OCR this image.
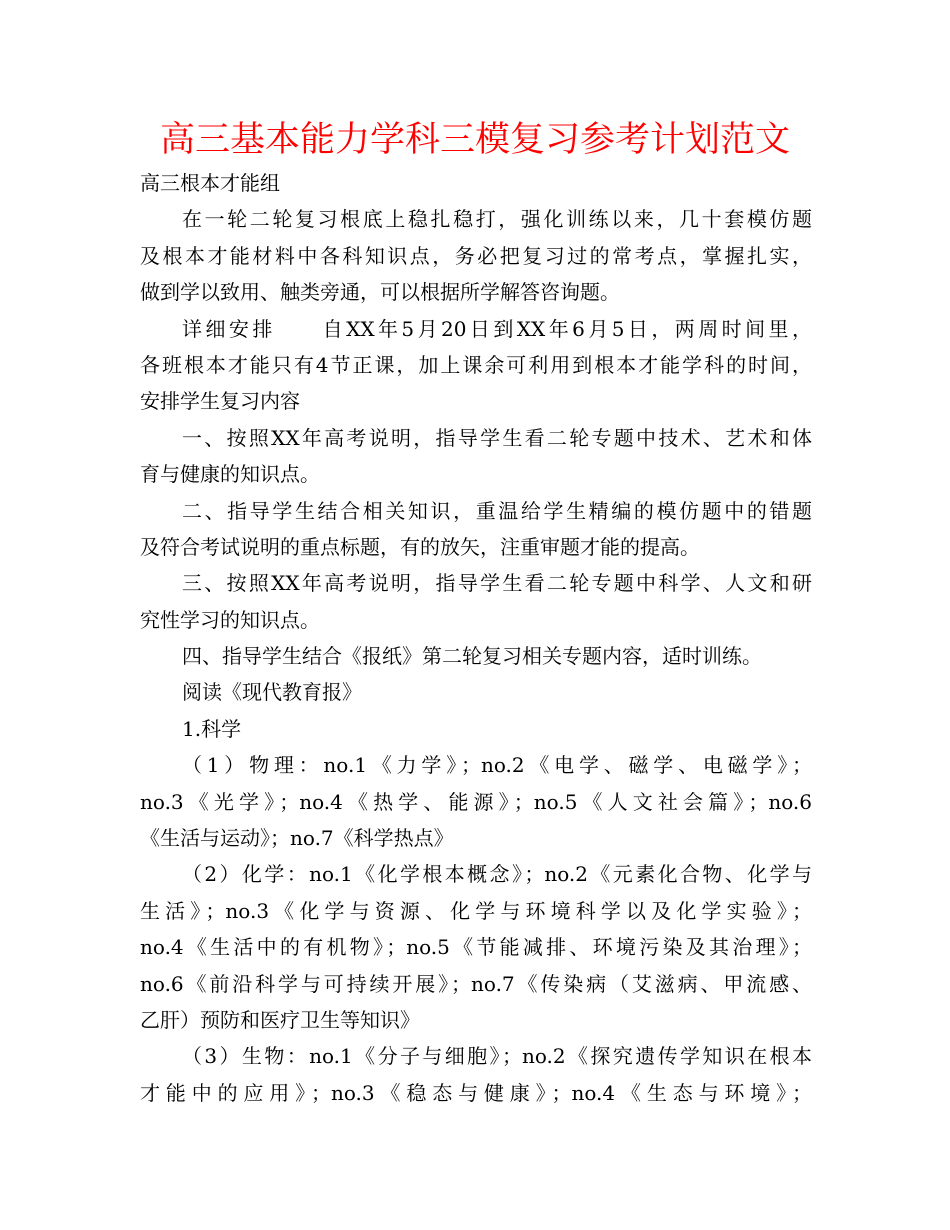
高三基本能力学科三模复习参考计划范文
高三根本才能组
在一轮二轮复习根底上稳扎稳打，强化训练以来，几十套模仿题
及根本才能材料中各科知识点，务必把复习过的常考点，掌握扎实，
做到学以致用、触类旁通，可以根据所学解答咨询题。
详细安排　　自XX年5月20日到XX年6月5日，两周时间里，
各班根本才能只有4节正课，加上课余可利用到根本才能学科的时间，
安排学生复习内容
一、按照XX年高考说明，指导学生看二轮专题中技术、艺术和体
育与健康的知识点。
二、指导学生结合相关知识，重温给学生精编的模仿题中的错题
及符合考试说明的重点标题，有的放矢，注重审题才能的提高。
三、按照XX年高考说明，指导学生看二轮专题中科学、人文和研
究性学习的知识点。
四、指导学生结合《报纸》第二轮复习相关专题内容，适时训练。
阅读《现代教育报》
1.科学
（1）物理：no.1《力学》；no.2《电学、磁学、电磁学》；
no.3《光学》；no.4《热学、能源》；no.5《人文社会篇》；no.6
《生活与运动》；no.7《科学热点》
（2）化学：no.1《化学根本概念》；no.2《元素化合物、化学与
生活》；no.3《化学与资源、化学与环境科学以及化学实验》；
no.4《生活中的有机物》；no.5《节能减排、环境污染及其治理》；
no.6《前沿科学与可持续开展》；no.7《传染病（艾滋病、甲流感、
乙肝）预防和医疗卫生等知识》
（3）生物：no.1《分子与细胞》；no.2《探究遗传学知识在根本
才能中的应用》；no.3《稳态与健康》；no.4《生态与环境》；
